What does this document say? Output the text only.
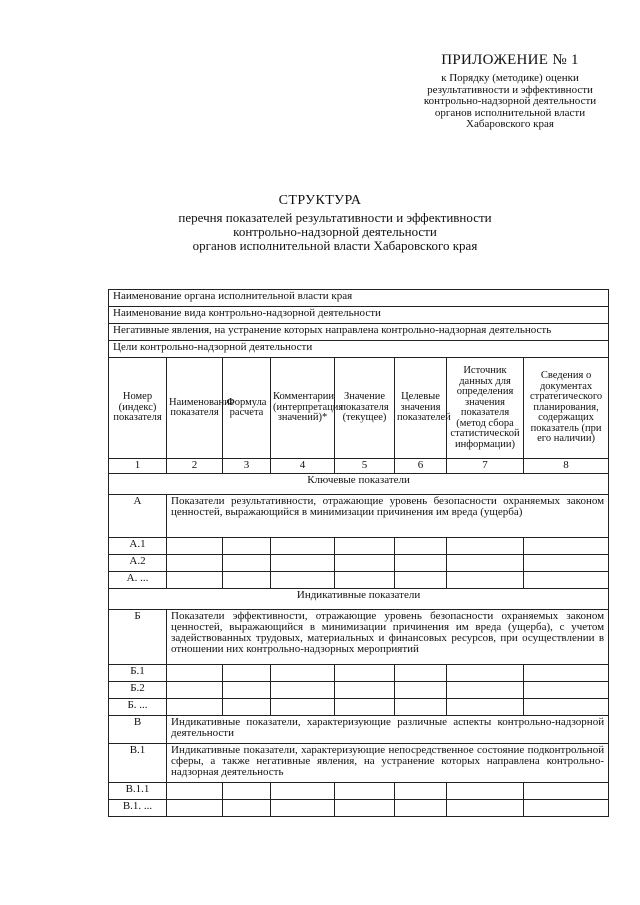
ПРИЛОЖЕНИЕ № 1
к Порядку (методике) оценки
результативности и эффективности
контрольно-надзорной деятельности
органов исполнительной власти
Хабаровского края
СТРУКТУРА
перечня показателей результативности и эффективности
контрольно-надзорной деятельности
органов исполнительной власти Хабаровского края
Наименование органа исполнительной власти края							
Наименование вида контрольно-надзорной деятельности							
Негативные явления, на устранение которых направлена контрольно-надзорная деятельность							
Цели контрольно-надзорной деятельности							
Номер (индекс) показателя	Наименование показателя	Формула расчета	Комментарии (интерпретация значений)*	Значение показателя (текущее)	Целевые значения показателей	Источник данных для определения значения показателя (метод сбора статистической информации)	Сведения о документах стратегического планирования, содержащих показатель (при его наличии)
1	2	3	4	5	6	7	8
Ключевые показатели							
А	Показатели результативности, отражающие уровень безопасности охраняемых законом ценностей, выражающийся в минимизации причинения им вреда (ущерба)						
А.1							
А.2							
А. ...							
Индикативные показатели							
Б	Показатели эффективности, отражающие уровень безопасности охраняемых законом ценностей, выражающийся в минимизации причинения им вреда (ущерба), с учетом задействованных трудовых, материальных и финансовых ресурсов, при осуществлении в отношении них контрольно-надзорных мероприятий						
Б.1							
Б.2							
Б. ...							
В	Индикативные показатели, характеризующие различные аспекты контрольно-надзорной деятельности						
В.1	Индикативные показатели, характеризующие непосредственное состояние подконтрольной сферы, а также негативные явления, на устранение которых направлена контрольно-надзорная деятельность						
В.1.1							
В.1. ...							
